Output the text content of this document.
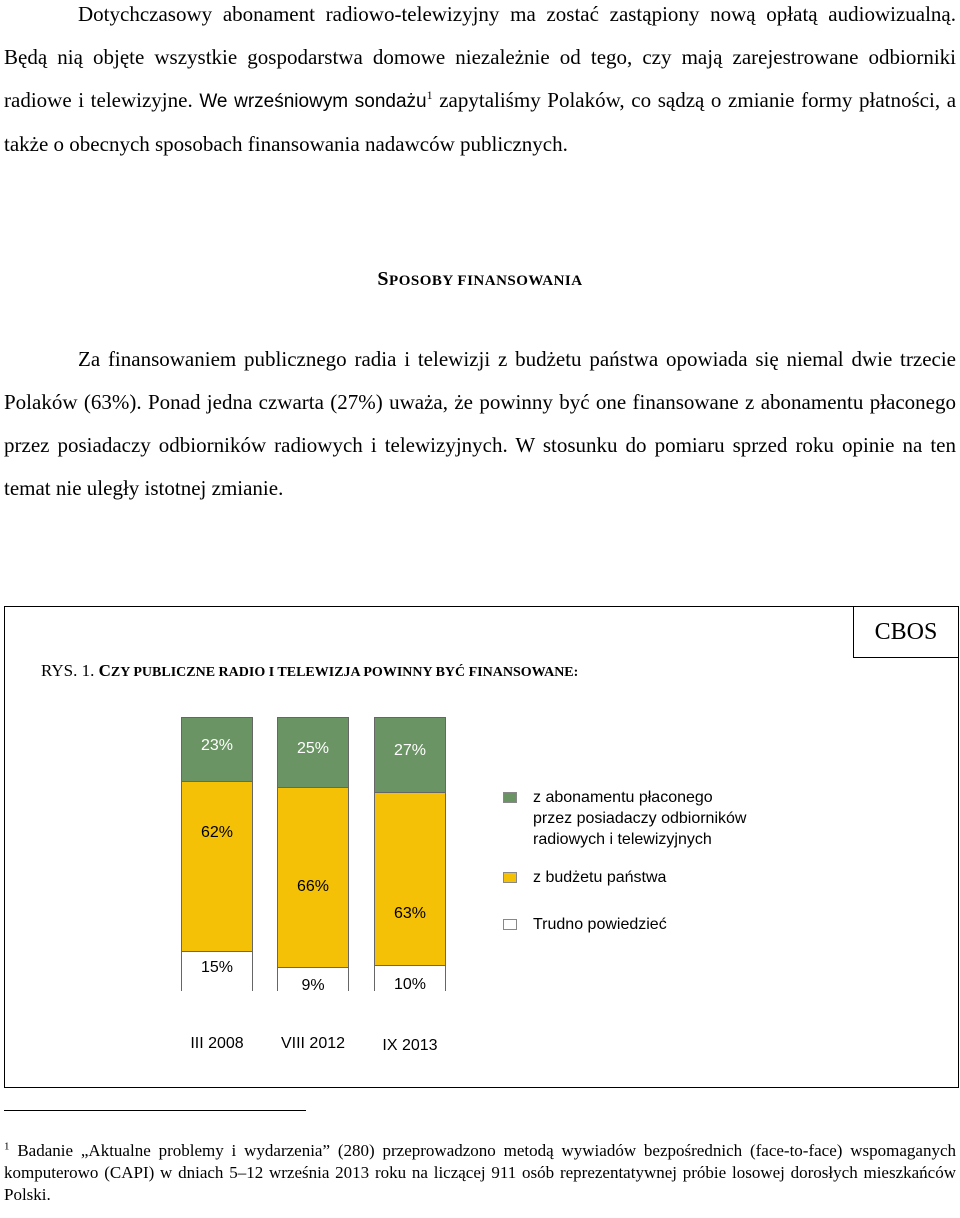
Dotychczasowy abonament radiowo-telewizyjny ma zostać zastąpiony nową opłatą audiowizualną. Będą nią objęte wszystkie gospodarstwa domowe niezależnie od tego, czy mają zarejestrowane odbiorniki radiowe i telewizyjne. We wrześniowym sondażu$^1$ zapytaliśmy Polaków, co sądzą o zmianie formy płatności, a także o obecnych sposobach finansowania nadawców publicznych.
SPOSOBY FINANSOWANIA
Za finansowaniem publicznego radia i telewizji z budżetu państwa opowiada się niemal dwie trzecie Polaków (63%). Ponad jedna czwarta (27%) uważa, że powinny być one finansowane z abonamentu płaconego przez posiadaczy odbiorników radiowych i telewizyjnych. W stosunku do pomiaru sprzed roku opinie na ten temat nie uległy istotnej zmianie.
CBOS
RYS. 1. CZY PUBLICZNE RADIO I TELEWIZJA POWINNY BYĆ FINANSOWANE:
23%
62%
15%
III 2008
25%
66%
9%
VIII 2012
27%
63%
10%
IX 2013
z abonamentu płaconego
przez posiadaczy odbiorników
radiowych i telewizyjnych
z budżetu państwa
Trudno powiedzieć
$^1$ Badanie „Aktualne problemy i wydarzenia” (280) przeprowadzono metodą wywiadów bezpośrednich (face-to-face) wspomaganych komputerowo (CAPI) w dniach 5–12 września 2013 roku na liczącej 911 osób reprezentatywnej próbie losowej dorosłych mieszkańców Polski.
